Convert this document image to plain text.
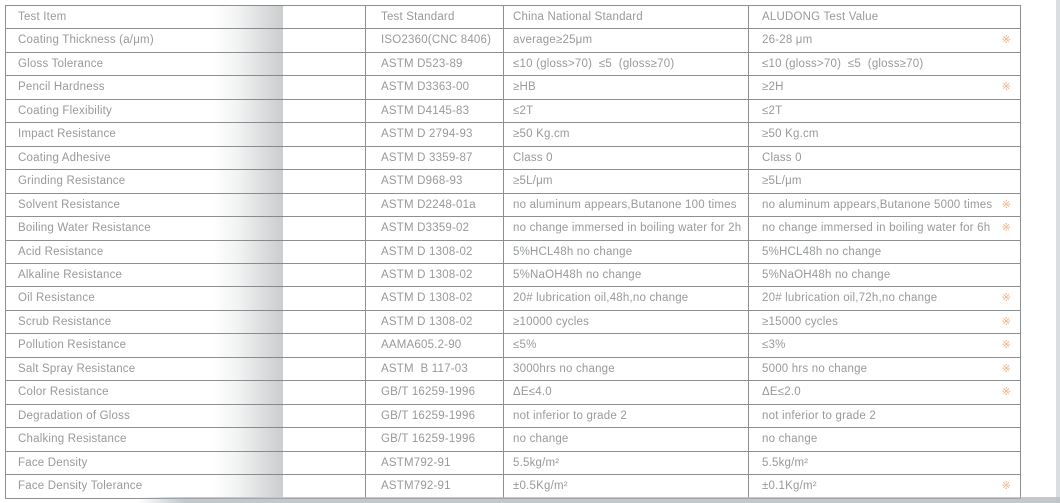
Test Item	Test Standard	China National Standard	ALUDONG Test Value
Coating Thickness (a/μm)	ISO2360(CNC 8406)	average≥25μm	26-28 μm ※

Gloss Tolerance	ASTM D523-89	≤10 (gloss>70)  ≤5  (gloss≥70)	≤10 (gloss>70)  ≤5  (gloss≥70)

Pencil Hardness	ASTM D3363-00	≥HB	≥2H ※

Coating Flexibility	ASTM D4145-83	≤2T	≤2T

Impact Resistance	ASTM D 2794-93	≥50 Kg.cm	≥50 Kg.cm

Coating Adhesive	ASTM D 3359-87	Class 0	Class 0

Grinding Resistance	ASTM D968-93	≥5L/μm	≥5L/μm

Solvent Resistance	ASTM D2248-01a	no aluminum appears,Butanone 100 times	no aluminum appears,Butanone 5000 times ※

Boiling Water Resistance	ASTM D3359-02	no change immersed in boiling water for 2h	no change immersed in boiling water for 6h ※

Acid Resistance	ASTM D 1308-02	5%HCL48h no change	5%HCL48h no change

Alkaline Resistance	ASTM D 1308-02	5%NaOH48h no change	5%NaOH48h no change

Oil Resistance	ASTM D 1308-02	20# lubrication oil,48h,no change	20# lubrication oil,72h,no change ※

Scrub Resistance	ASTM D 1308-02	≥10000 cycles	≥15000 cycles ※

Pollution Resistance	AAMA605.2-90	≤5%	≤3% ※

Salt Spray Resistance	ASTM  B 117-03	3000hrs no change	5000 hrs no change ※

Color Resistance	GB/T 16259-1996	ΔE≤4.0	ΔE≤2.0 ※

Degradation of Gloss	GB/T 16259-1996	not inferior to grade 2	not inferior to grade 2

Chalking Resistance	GB/T 16259-1996	no change	no change

Face Density	ASTM792-91	5.5kg/m²	5.5kg/m²

Face Density Tolerance	ASTM792-91	±0.5Kg/m²	±0.1Kg/m² ※
